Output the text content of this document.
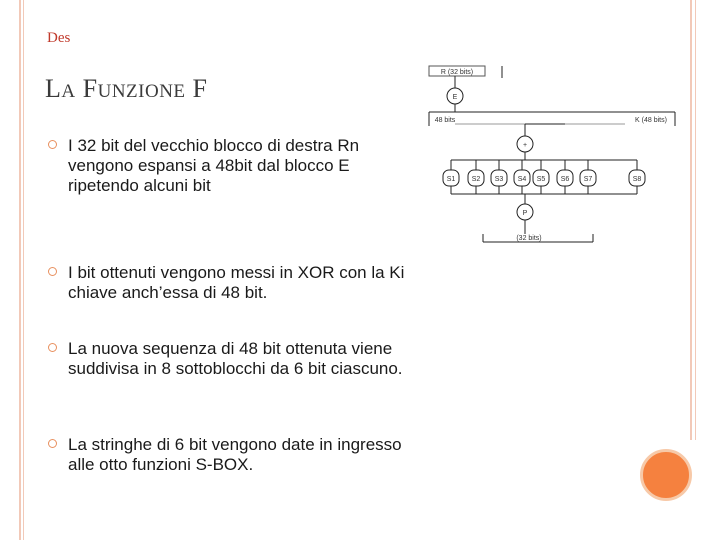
Des
LA FUNZIONE F
I 32 bit del vecchio blocco di destra Rn vengono espansi a 48bit dal blocco E ripetendo alcuni bit
I bit ottenuti vengono messi in XOR con la Ki chiave anch’essa di 48 bit.
La nuova sequenza di 48 bit ottenuta viene suddivisa in 8 sottoblocchi da 6 bit ciascuno.
La stringhe di 6 bit vengono date in ingresso alle otto funzioni S-BOX.
R (32 bits)
E
48 bits	K (48 bits)
+
S1 S2 S3 S4 S5 S6 S7	S8
P
(32 bits)
